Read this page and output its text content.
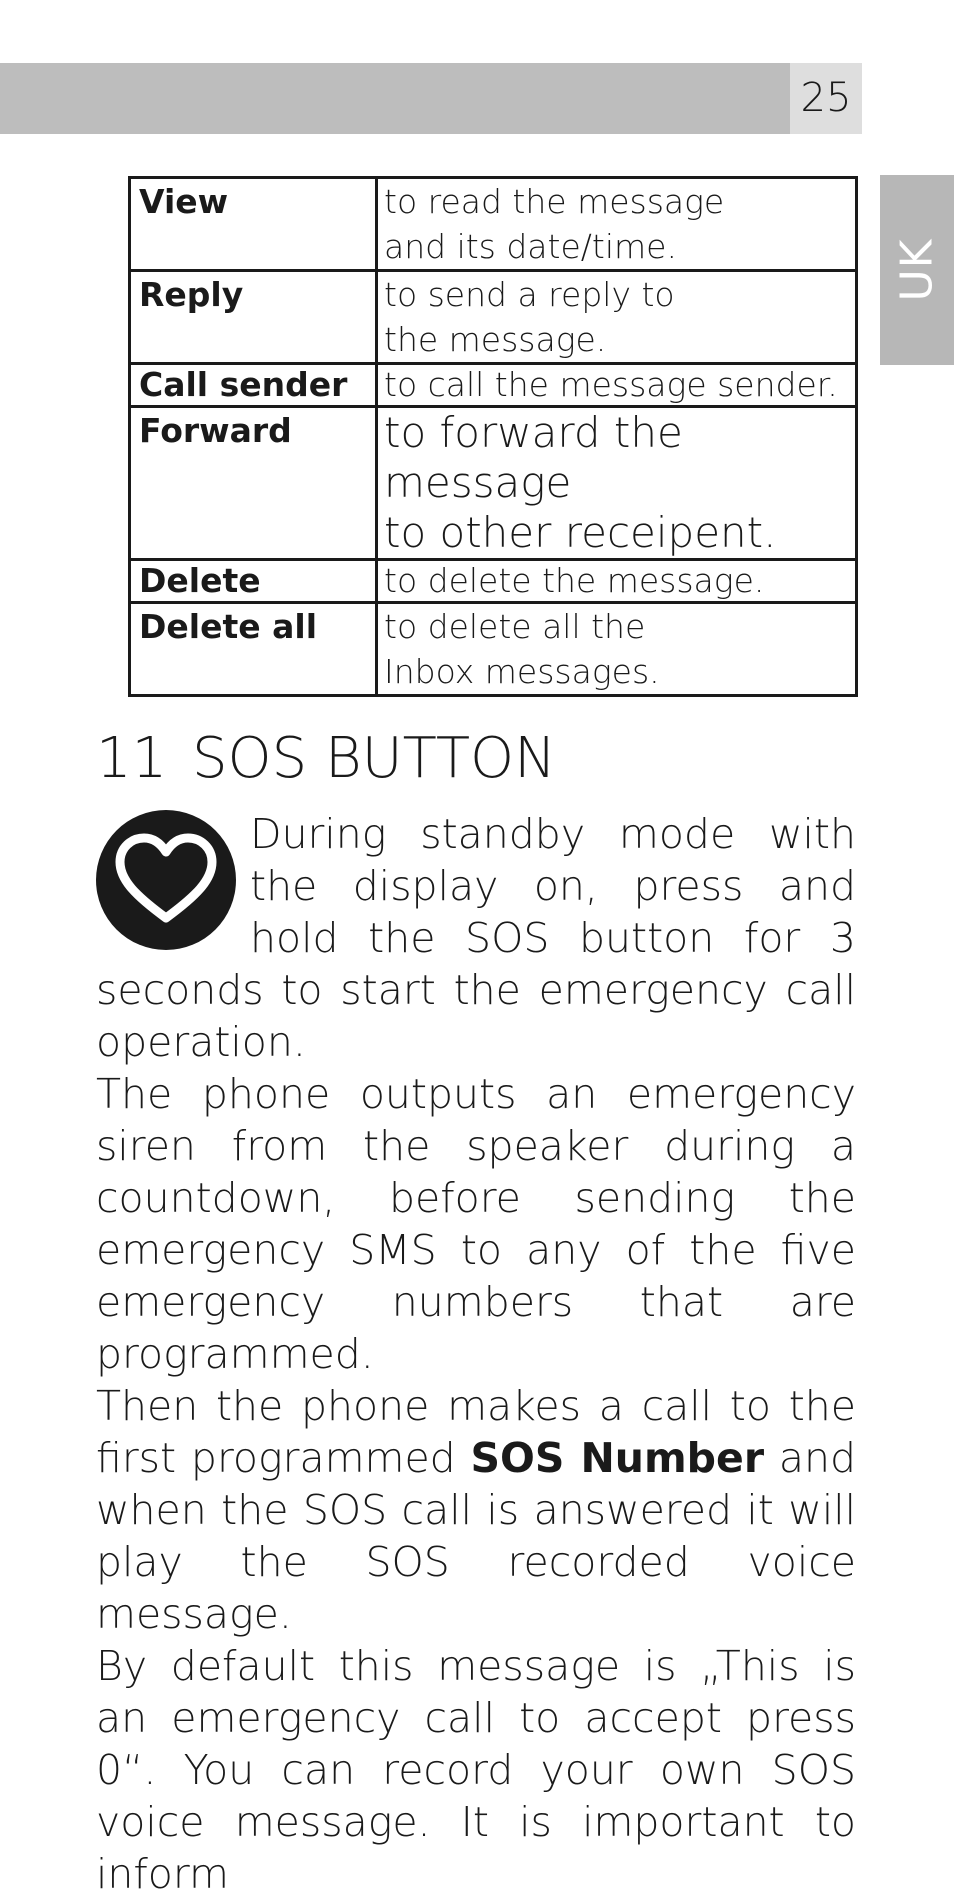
25
UK
View	to read the message
and its date/time.
Reply	to send a reply to
the message.
Call sender	to call the message sender.
Forward	to forward the message
to other receipent.
Delete	to delete the message.
Delete all	to delete all the
Inbox messages.
11 SOS BUTTON

During standby mode with the display on, press and hold the SOS button for 3 seconds to start the emergency call operation.

The phone outputs an emergency siren from the speaker during a countdown, before sending the emergency SMS to any of the five emergency numbers that are programmed.

Then the phone makes a call to the first programmed SOS Number and when the SOS call is answered it will play the SOS recorded voice message.

By default this message is „This is an emergency call to accept press 0“. You can record your own SOS voice message. It is important to inform
